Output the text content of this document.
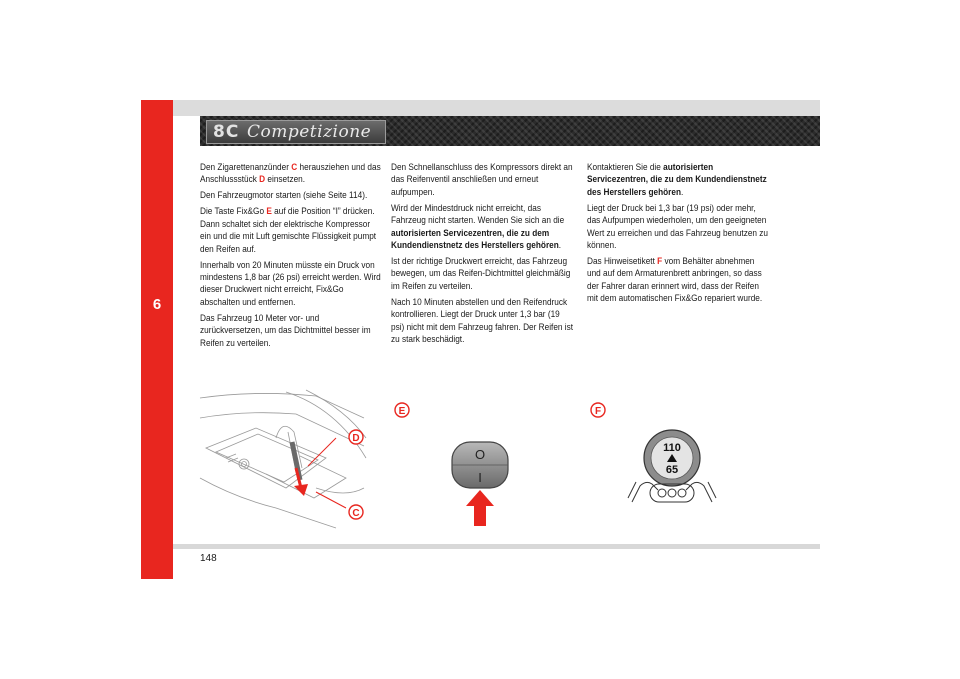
6
8C Competizione

Den Zigarettenanzünder C herausziehen und das Anschlussstück D einsetzen.

Den Fahrzeugmotor starten (siehe Seite 114).

Die Taste Fix&Go E auf die Position “I” drücken. Dann schaltet sich der elektrische Kompressor ein und die mit Luft gemischte Flüssigkeit pumpt den Reifen auf.

Innerhalb von 20 Minuten müsste ein Druck von mindestens 1,8 bar (26 psi) erreicht werden. Wird dieser Druckwert nicht erreicht, Fix&Go abschalten und entfernen.

Das Fahrzeug 10 Meter vor- und zurückversetzen, um das Dichtmittel besser im Reifen zu verteilen.

Den Schnellanschluss des Kompressors direkt an das Reifenventil anschließen und erneut aufpumpen.

Wird der Mindestdruck nicht erreicht, das Fahrzeug nicht starten. Wenden Sie sich an die autorisierten Servicezentren, die zu dem Kundendienstnetz des Herstellers gehören.

Ist der richtige Druckwert erreicht, das Fahrzeug bewegen, um das Reifen-Dichtmittel gleichmäßig im Reifen zu verteilen.

Nach 10 Minuten abstellen und den Reifendruck kontrollieren. Liegt der Druck unter 1,3 bar (19 psi) nicht mit dem Fahrzeug fahren. Der Reifen ist zu stark beschädigt.

Kontaktieren Sie die autorisierten Servicezentren, die zu dem Kundendienstnetz des Herstellers gehören.

Liegt der Druck bei 1,3 bar (19 psi) oder mehr, das Aufpumpen wiederholen, um den geeigneten Wert zu erreichen und das Fahrzeug benutzen zu können.

Das Hinweisetikett F vom Behälter abnehmen und auf dem Armaturenbrett anbringen, so dass der Fahrer daran erinnert wird, dass der Reifen mit dem automatischen Fix&Go repariert wurde.

D
C
E
O
I
F
110
65
148
